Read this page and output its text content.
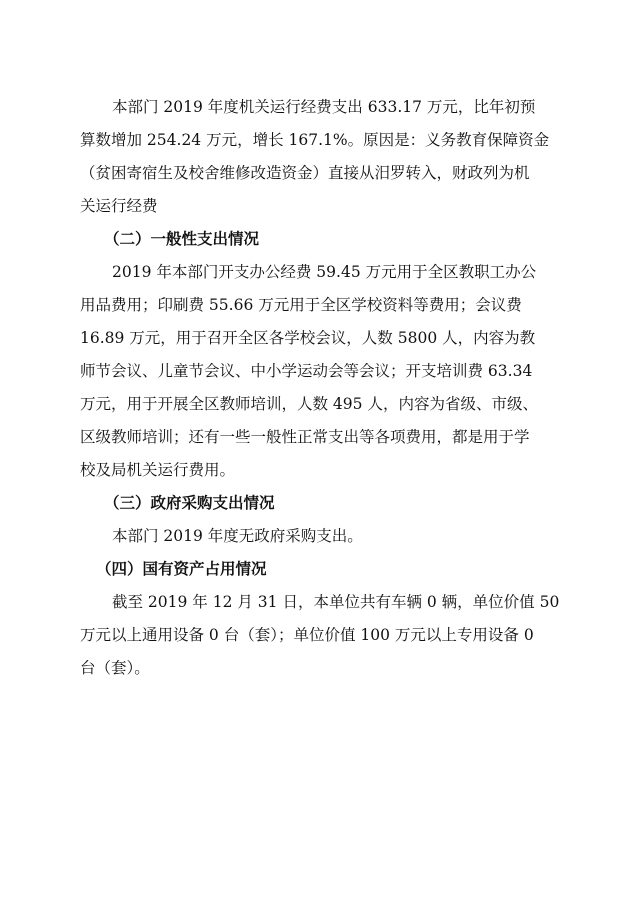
本部门 2019 年度机关运行经费支出 633.17 万元，比年初预
算数增加 254.24 万元，增长 167.1%。原因是：义务教育保障资金
（贫困寄宿生及校舍维修改造资金）直接从汨罗转入，财政列为机
关运行经费
（二）一般性支出情况
2019 年本部门开支办公经费 59.45 万元用于全区教职工办公
用品费用；印刷费 55.66 万元用于全区学校资料等费用；会议费
16.89 万元，用于召开全区各学校会议，人数 5800 人，内容为教
师节会议、儿童节会议、中小学运动会等会议；开支培训费 63.34
万元，用于开展全区教师培训，人数 495 人，内容为省级、市级、
区级教师培训；还有一些一般性正常支出等各项费用，都是用于学
校及局机关运行费用。
（三）政府采购支出情况
本部门 2019 年度无政府采购支出。
（四）国有资产占用情况
截至 2019 年 12 月 31 日，本单位共有车辆 0 辆，单位价值 50
万元以上通用设备 0 台（套）；单位价值 100 万元以上专用设备 0
台（套）。
